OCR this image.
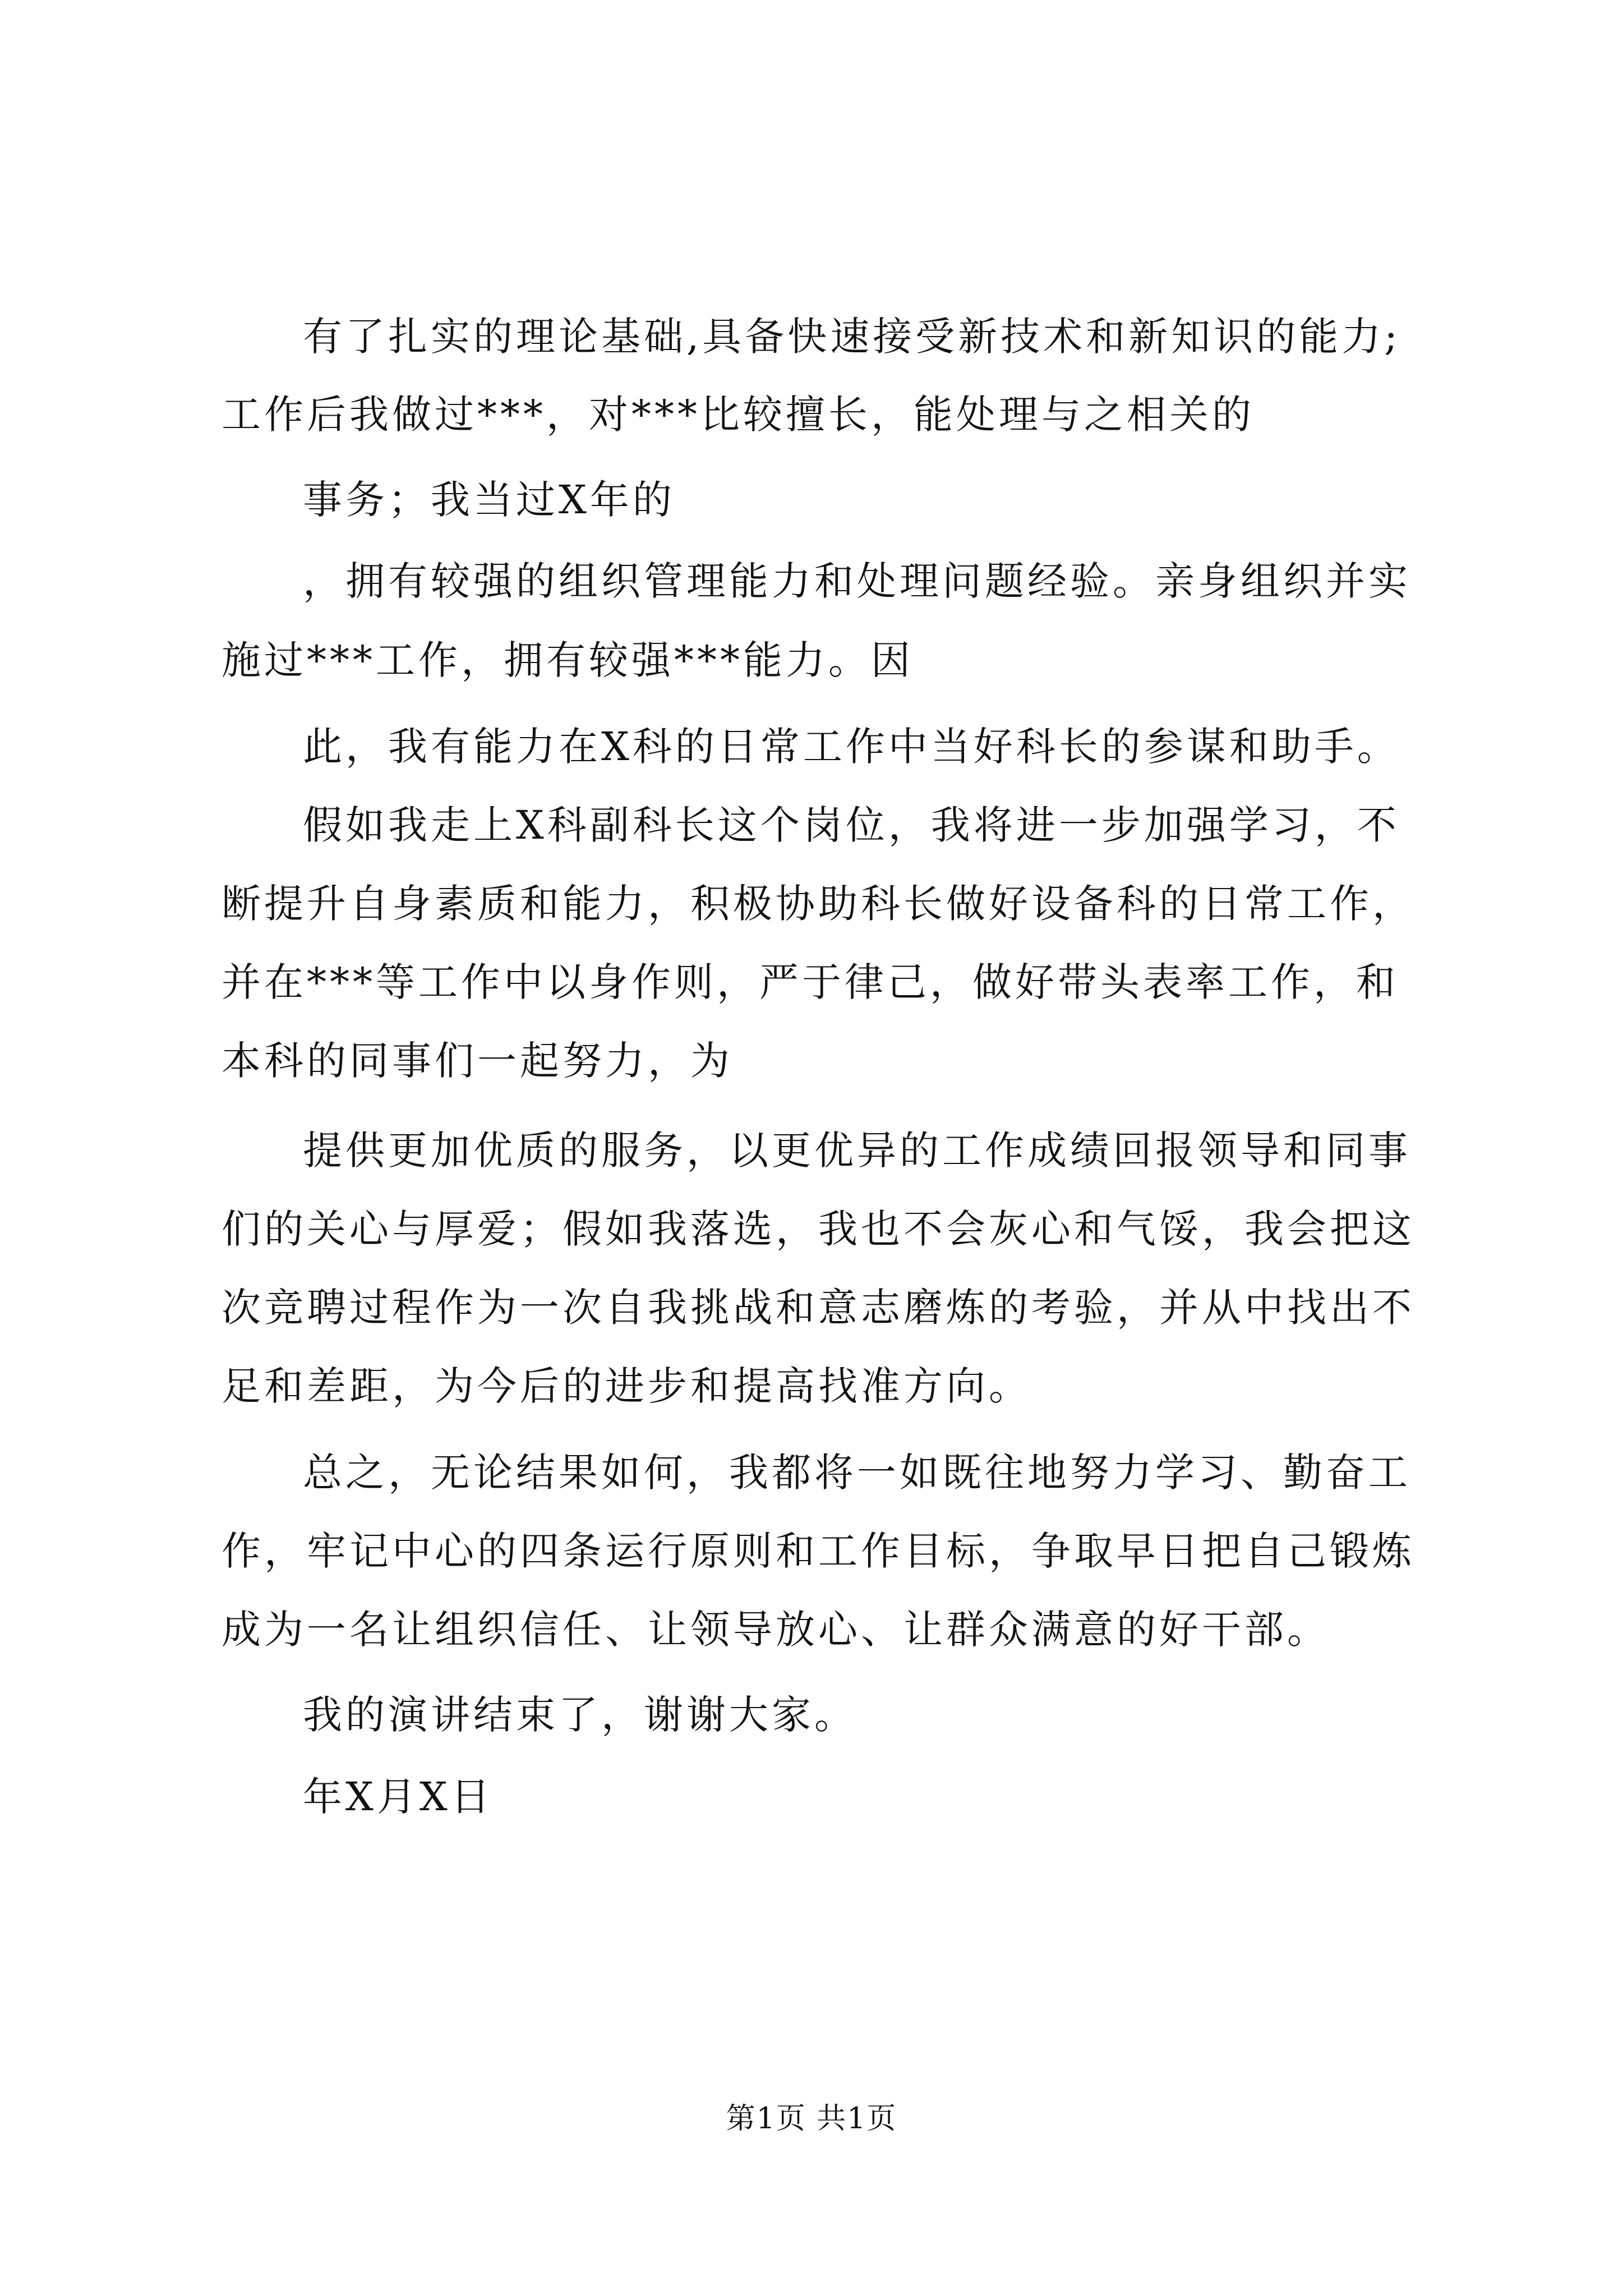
有了扎实的理论基础,具备快速接受新技术和新知识的能力;
工作后我做过***，对***比较擅长，能处理与之相关的
事务；我当过X年的
，拥有较强的组织管理能力和处理问题经验。亲身组织并实
施过***工作，拥有较强***能力。因
此，我有能力在X科的日常工作中当好科长的参谋和助手。
假如我走上X科副科长这个岗位，我将进一步加强学习，不
断提升自身素质和能力，积极协助科长做好设备科的日常工作，
并在***等工作中以身作则，严于律己，做好带头表率工作，和
本科的同事们一起努力，为
提供更加优质的服务，以更优异的工作成绩回报领导和同事
们的关心与厚爱；假如我落选，我也不会灰心和气馁，我会把这
次竞聘过程作为一次自我挑战和意志磨炼的考验，并从中找出不
足和差距，为今后的进步和提高找准方向。
总之，无论结果如何，我都将一如既往地努力学习、勤奋工
作，牢记中心的四条运行原则和工作目标，争取早日把自己锻炼
成为一名让组织信任、让领导放心、让群众满意的好干部。
我的演讲结束了，谢谢大家。
年X月X日
第1页 共1页
